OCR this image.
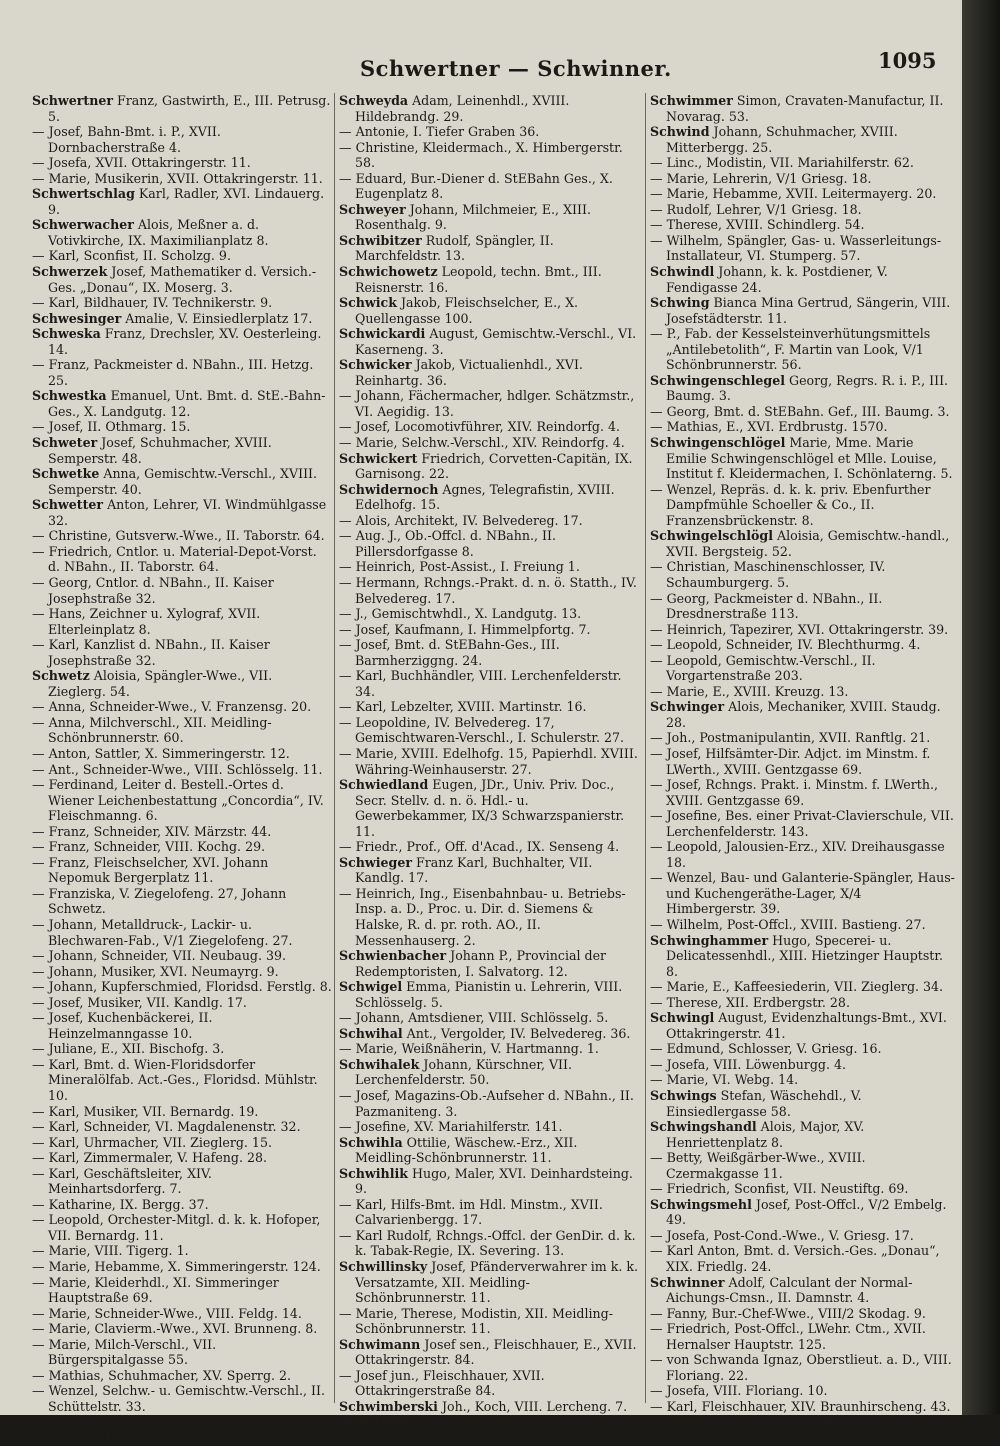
Schwertner — Schwinner.	1095

Schwertner Franz, Gastwirth, E., III. Petrusg. 5.

— Josef, Bahn-Bmt. i. P., XVII. Dornbacherstraße 4.

— Josefa, XVII. Ottakringerstr. 11.

— Marie, Musikerin, XVII. Ottakringerstr. 11.

Schwertschlag Karl, Radler, XVI. Lindauerg. 9.

Schwerwacher Alois, Meßner a. d. Votivkirche, IX. Maximilianplatz 8.

— Karl, Sconfist, II. Scholzg. 9.

Schwerzek Josef, Mathematiker d. Versich.-Ges. „Donau“, IX. Moserg. 3.

— Karl, Bildhauer, IV. Technikerstr. 9.

Schwesinger Amalie, V. Einsiedlerplatz 17.

Schweska Franz, Drechsler, XV. Oesterleing. 14.

— Franz, Packmeister d. NBahn., III. Hetzg. 25.

Schwestka Emanuel, Unt. Bmt. d. StE.-Bahn-Ges., X. Landgutg. 12.

— Josef, II. Othmarg. 15.

Schweter Josef, Schuhmacher, XVIII. Semperstr. 48.

Schwetke Anna, Gemischtw.-Verschl., XVIII. Semperstr. 40.

Schwetter Anton, Lehrer, VI. Windmühlgasse 32.

— Christine, Gutsverw.-Wwe., II. Taborstr. 64.

— Friedrich, Cntlor. u. Material-Depot-Vorst. d. NBahn., II. Taborstr. 64.

— Georg, Cntlor. d. NBahn., II. Kaiser Josephstraße 32.

— Hans, Zeichner u. Xylograf, XVII. Elterleinplatz 8.

— Karl, Kanzlist d. NBahn., II. Kaiser Josephstraße 32.

Schwetz Aloisia, Spängler-Wwe., VII. Zieglerg. 54.

— Anna, Schneider-Wwe., V. Franzensg. 20.

— Anna, Milchverschl., XII. Meidling-Schönbrunnerstr. 60.

— Anton, Sattler, X. Simmeringerstr. 12.

— Ant., Schneider-Wwe., VIII. Schlösselg. 11.

— Ferdinand, Leiter d. Bestell.-Ortes d. Wiener Leichenbestattung „Concordia“, IV. Fleischmanng. 6.

— Franz, Schneider, XIV. Märzstr. 44.

— Franz, Schneider, VIII. Kochg. 29.

— Franz, Fleischselcher, XVI. Johann Nepomuk Bergerplatz 11.

— Franziska, V. Ziegelofeng. 27, Johann Schwetz.

— Johann, Metalldruck-, Lackir- u. Blechwaren-Fab., V/1 Ziegelofeng. 27.

— Johann, Schneider, VII. Neubaug. 39.

— Johann, Musiker, XVI. Neumayrg. 9.

— Johann, Kupferschmied, Floridsd. Ferstlg. 8.

— Josef, Musiker, VII. Kandlg. 17.

— Josef, Kuchenbäckerei, II. Heinzelmanngasse 10.

— Juliane, E., XII. Bischofg. 3.

— Karl, Bmt. d. Wien-Floridsdorfer Mineralölfab. Act.-Ges., Floridsd. Mühlstr. 10.

— Karl, Musiker, VII. Bernardg. 19.

— Karl, Schneider, VI. Magdalenenstr. 32.

— Karl, Uhrmacher, VII. Zieglerg. 15.

— Karl, Zimmermaler, V. Hafeng. 28.

— Karl, Geschäftsleiter, XIV. Meinhartsdorferg. 7.

— Katharine, IX. Bergg. 37.

— Leopold, Orchester-Mitgl. d. k. k. Hofoper, VII. Bernardg. 11.

— Marie, VIII. Tigerg. 1.

— Marie, Hebamme, X. Simmeringerstr. 124.

— Marie, Kleiderhdl., XI. Simmeringer Hauptstraße 69.

— Marie, Schneider-Wwe., VIII. Feldg. 14.

— Marie, Clavierm.-Wwe., XVI. Brunneng. 8.

— Marie, Milch-Verschl., VII. Bürgerspitalgasse 55.

— Mathias, Schuhmacher, XV. Sperrg. 2.

— Wenzel, Selchw.- u. Gemischtw.-Verschl., II. Schüttelstr. 33.

— Wenzel, Schneider, IX. Bergg. 37, G. IX. Bergg. 31.

Schweyda Adam, Leinenhdl., XVIII. Hildebrandg. 29.

— Antonie, I. Tiefer Graben 36.

— Christine, Kleidermach., X. Himbergerstr. 58.

— Eduard, Bur.-Diener d. StEBahn Ges., X. Eugenplatz 8.

Schweyer Johann, Milchmeier, E., XIII. Rosenthalg. 9.

Schwibitzer Rudolf, Spängler, II. Marchfeldstr. 13.

Schwichowetz Leopold, techn. Bmt., III. Reisnerstr. 16.

Schwick Jakob, Fleischselcher, E., X. Quellengasse 100.

Schwickardi August, Gemischtw.-Verschl., VI. Kaserneng. 3.

Schwicker Jakob, Victualienhdl., XVI. Reinhartg. 36.

— Johann, Fächermacher, hdlger. Schätzmstr., VI. Aegidig. 13.

— Josef, Locomotivführer, XIV. Reindorfg. 4.

— Marie, Selchw.-Verschl., XIV. Reindorfg. 4.

Schwickert Friedrich, Corvetten-Capitän, IX. Garnisong. 22.

Schwidernoch Agnes, Telegrafistin, XVIII. Edelhofg. 15.

— Alois, Architekt, IV. Belvedereg. 17.

— Aug. J., Ob.-Offcl. d. NBahn., II. Pillersdorfgasse 8.

— Heinrich, Post-Assist., I. Freiung 1.

— Hermann, Rchngs.-Prakt. d. n. ö. Statth., IV. Belvedereg. 17.

— J., Gemischtwhdl., X. Landgutg. 13.

— Josef, Kaufmann, I. Himmelpfortg. 7.

— Josef, Bmt. d. StEBahn-Ges., III. Barmherziggng. 24.

— Karl, Buchhändler, VIII. Lerchenfelderstr. 34.

— Karl, Lebzelter, XVIII. Martinstr. 16.

— Leopoldine, IV. Belvedereg. 17, Gemischtwaren-Verschl., I. Schulerstr. 27.

— Marie, XVIII. Edelhofg. 15, Papierhdl. XVIII. Währing-Weinhauserstr. 27.

Schwiedland Eugen, JDr., Univ. Priv. Doc., Secr. Stellv. d. n. ö. Hdl.- u. Gewerbekammer, IX/3 Schwarzspanierstr. 11.

— Friedr., Prof., Off. d'Acad., IX. Senseng 4.

Schwieger Franz Karl, Buchhalter, VII. Kandlg. 17.

— Heinrich, Ing., Eisenbahnbau- u. Betriebs-Insp. a. D., Proc. u. Dir. d. Siemens & Halske, R. d. pr. roth. AO., II. Messenhauserg. 2.

Schwienbacher Johann P., Provincial der Redemptoristen, I. Salvatorg. 12.

Schwigel Emma, Pianistin u. Lehrerin, VIII. Schlösselg. 5.

— Johann, Amtsdiener, VIII. Schlösselg. 5.

Schwihal Ant., Vergolder, IV. Belvedereg. 36.

— Marie, Weißnäherin, V. Hartmanng. 1.

Schwihalek Johann, Kürschner, VII. Lerchenfelderstr. 50.

— Josef, Magazins-Ob.-Aufseher d. NBahn., II. Pazmaniteng. 3.

— Josefine, XV. Mariahilferstr. 141.

Schwihla Ottilie, Wäschew.-Erz., XII. Meidling-Schönbrunnerstr. 11.

Schwihlik Hugo, Maler, XVI. Deinhardsteing. 9.

— Karl, Hilfs-Bmt. im Hdl. Minstm., XVII. Calvarienbergg. 17.

— Karl Rudolf, Rchngs.-Offcl. der GenDir. d. k. k. Tabak-Regie, IX. Severing. 13.

Schwillinsky Josef, Pfänderverwahrer im k. k. Versatzamte, XII. Meidling-Schönbrunnerstr. 11.

— Marie, Therese, Modistin, XII. Meidling-Schönbrunnerstr. 11.

Schwimann Josef sen., Fleischhauer, E., XVII. Ottakringerstr. 84.

— Josef jun., Fleischhauer, XVII. Ottakringerstraße 84.

Schwimberski Joh., Koch, VIII. Lercheng. 7.

Schwimmer Adolf, II. Flossg. 3.

— Paul, I. Kärnthnerring 9.

Schwimmer Simon, Cravaten-Manufactur, II. Novarag. 53.

Schwind Johann, Schuhmacher, XVIII. Mitterbergg. 25.

— Linc., Modistin, VII. Mariahilferstr. 62.

— Marie, Lehrerin, V/1 Griesg. 18.

— Marie, Hebamme, XVII. Leitermayerg. 20.

— Rudolf, Lehrer, V/1 Griesg. 18.

— Therese, XVIII. Schindlerg. 54.

— Wilhelm, Spängler, Gas- u. Wasserleitungs-Installateur, VI. Stumperg. 57.

Schwindl Johann, k. k. Postdiener, V. Fendigasse 24.

Schwing Bianca Mina Gertrud, Sängerin, VIII. Josefstädterstr. 11.

— P., Fab. der Kesselsteinverhütungsmittels „Antilebetolith“, F. Martin van Look, V/1 Schönbrunnerstr. 56.

Schwingenschlegel Georg, Regrs. R. i. P., III. Baumg. 3.

— Georg, Bmt. d. StEBahn. Gef., III. Baumg. 3.

— Mathias, E., XVI. Erdbrustg. 1570.

Schwingenschlögel Marie, Mme. Marie Emilie Schwingenschlögel et Mlle. Louise, Institut f. Kleidermachen, I. Schönlaterng. 5.

— Wenzel, Repräs. d. k. k. priv. Ebenfurther Dampfmühle Schoeller & Co., II. Franzensbrückenstr. 8.

Schwingelschlögl Aloisia, Gemischtw.-handl., XVII. Bergsteig. 52.

— Christian, Maschinenschlosser, IV. Schaumburgerg. 5.

— Georg, Packmeister d. NBahn., II. Dresdnerstraße 113.

— Heinrich, Tapezirer, XVI. Ottakringerstr. 39.

— Leopold, Schneider, IV. Blechthurmg. 4.

— Leopold, Gemischtw.-Verschl., II. Vorgartenstraße 203.

— Marie, E., XVIII. Kreuzg. 13.

Schwinger Alois, Mechaniker, XVIII. Staudg. 28.

— Joh., Postmanipulantin, XVII. Ranftlg. 21.

— Josef, Hilfsämter-Dir. Adjct. im Minstm. f. LWerth., XVIII. Gentzgasse 69.

— Josef, Rchngs. Prakt. i. Minstm. f. LWerth., XVIII. Gentzgasse 69.

— Josefine, Bes. einer Privat-Clavierschule, VII. Lerchenfelderstr. 143.

— Leopold, Jalousien-Erz., XIV. Dreihausgasse 18.

— Wenzel, Bau- und Galanterie-Spängler, Haus- und Kuchengeräthe-Lager, X/4 Himbergerstr. 39.

— Wilhelm, Post-Offcl., XVIII. Bastieng. 27.

Schwinghammer Hugo, Specerei- u. Delicatessenhdl., XIII. Hietzinger Hauptstr. 8.

— Marie, E., Kaffeesiederin, VII. Zieglerg. 34.

— Therese, XII. Erdbergstr. 28.

Schwingl August, Evidenzhaltungs-Bmt., XVI. Ottakringerstr. 41.

— Edmund, Schlosser, V. Griesg. 16.

— Josefa, VIII. Löwenburgg. 4.

— Marie, VI. Webg. 14.

Schwings Stefan, Wäschehdl., V. Einsiedlergasse 58.

Schwingshandl Alois, Major, XV. Henriettenplatz 8.

— Betty, Weißgärber-Wwe., XVIII. Czermakgasse 11.

— Friedrich, Sconfist, VII. Neustiftg. 69.

Schwingsmehl Josef, Post-Offcl., V/2 Embelg. 49.

— Josefa, Post-Cond.-Wwe., V. Griesg. 17.

— Karl Anton, Bmt. d. Versich.-Ges. „Donau“, XIX. Friedlg. 24.

Schwinner Adolf, Calculant der Normal-Aichungs-Cmsn., II. Damnstr. 4.

— Fanny, Bur.-Chef-Wwe., VIII/2 Skodag. 9.

— Friedrich, Post-Offcl., LWehr. Ctm., XVII. Hernalser Hauptstr. 125.

— von Schwanda Ignaz, Oberstlieut. a. D., VIII. Floriang. 22.

— Josefa, VIII. Floriang. 10.

— Karl, Fleischhauer, XIV. Braunhirscheng. 43.

— Leopold, Milchmeier, XVII. Gilmg. 3.
